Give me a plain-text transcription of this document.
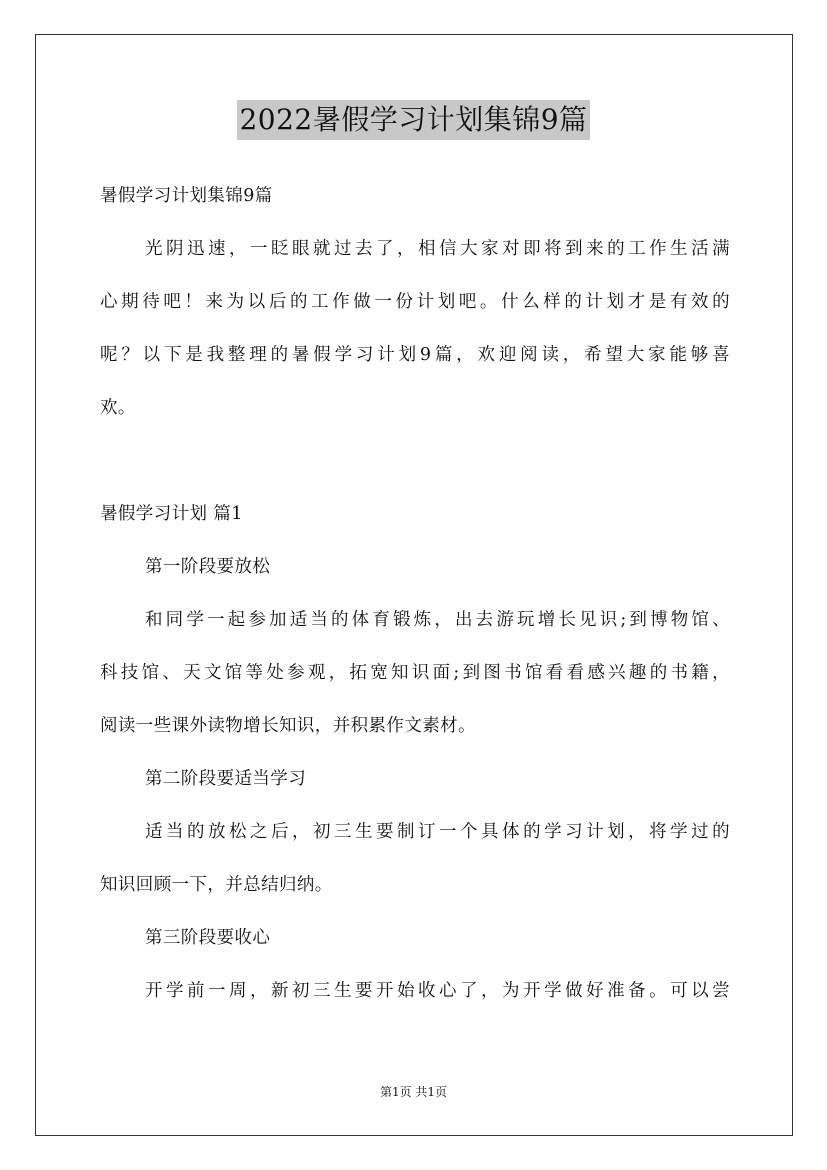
2022暑假学习计划集锦9篇
暑假学习计划集锦9篇
光阴迅速，一眨眼就过去了，相信大家对即将到来的工作生活满
心期待吧！来为以后的工作做一份计划吧。什么样的计划才是有效的
呢？以下是我整理的暑假学习计划9篇，欢迎阅读，希望大家能够喜
欢。
暑假学习计划 篇1
第一阶段要放松
和同学一起参加适当的体育锻炼，出去游玩增长见识;到博物馆、
科技馆、天文馆等处参观，拓宽知识面;到图书馆看看感兴趣的书籍，
阅读一些课外读物增长知识，并积累作文素材。
第二阶段要适当学习
适当的放松之后，初三生要制订一个具体的学习计划，将学过的
知识回顾一下，并总结归纳。
第三阶段要收心
开学前一周，新初三生要开始收心了，为开学做好准备。可以尝
第1页 共1页
